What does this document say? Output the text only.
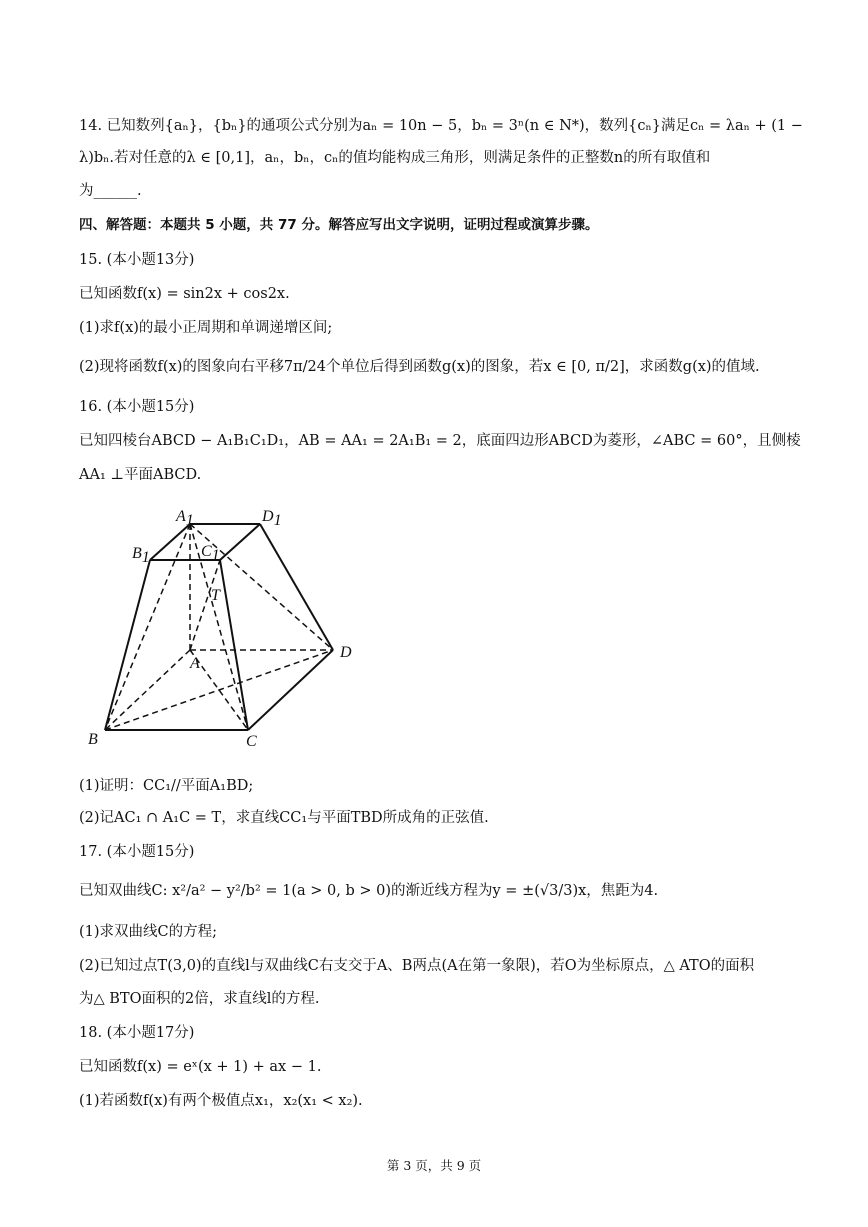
14. 已知数列{aₙ}，{bₙ}的通项公式分别为aₙ = 10n − 5，bₙ = 3ⁿ(n ∈ N*)，数列{cₙ}满足cₙ = λaₙ + (1 −
λ)bₙ.若对任意的λ ∈ [0,1]，aₙ，bₙ，cₙ的值均能构成三角形，则满足条件的正整数n的所有取值和
为______.
四、解答题：本题共 5 小题，共 77 分。解答应写出文字说明，证明过程或演算步骤。
15. (本小题13分)
已知函数f(x) = sin2x + cos2x.
(1)求f(x)的最小正周期和单调递增区间;
(2)现将函数f(x)的图象向右平移7π/24个单位后得到函数g(x)的图象，若x ∈ [0, π/2]，求函数g(x)的值域.
16. (本小题15分)
已知四棱台ABCD − A₁B₁C₁D₁，AB = AA₁ = 2A₁B₁ = 2，底面四边形ABCD为菱形，∠ABC = 60°，且侧棱
AA₁ ⊥平面ABCD.
A1	D1
B1	C1
T
A
D
B	C
(1)证明：CC₁//平面A₁BD;
(2)记AC₁ ∩ A₁C = T，求直线CC₁与平面TBD所成角的正弦值.
17. (本小题15分)
已知双曲线C: x²/a² − y²/b² = 1(a > 0, b > 0)的渐近线方程为y = ±(√3/3)x，焦距为4.
(1)求双曲线C的方程;
(2)已知过点T(3,0)的直线l与双曲线C右支交于A、B两点(A在第一象限)，若O为坐标原点，△ ATO的面积
为△ BTO面积的2倍，求直线l的方程.
18. (本小题17分)
已知函数f(x) = eˣ(x + 1) + ax − 1.
(1)若函数f(x)有两个极值点x₁，x₂(x₁ < x₂).
第 3 页，共 9 页
